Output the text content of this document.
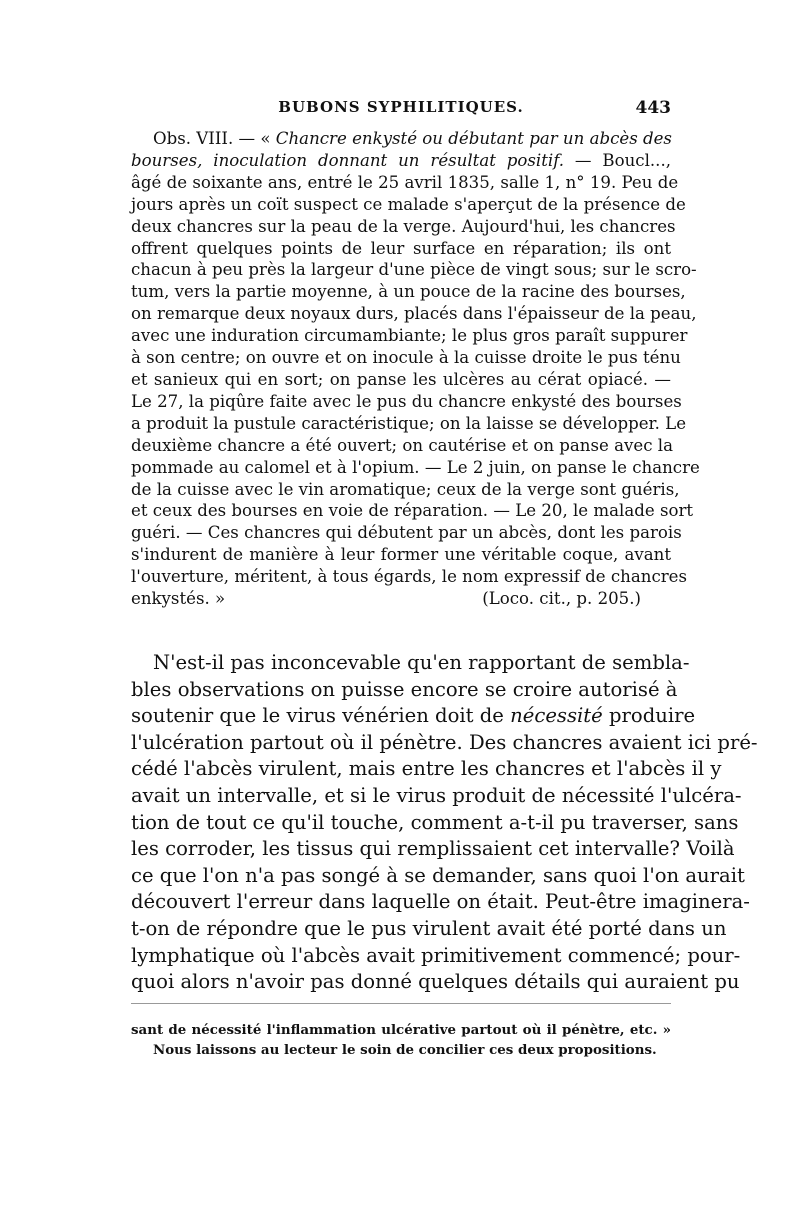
BUBONS SYPHILITIQUES.	443
Obs. VIII. — « Chancre enkysté ou débutant par un abcès des
bourses, inoculation donnant un résultat positif. — Boucl...,
âgé de soixante ans, entré le 25 avril 1835, salle 1, n° 19. Peu de
jours après un coït suspect ce malade s'aperçut de la présence de
deux chancres sur la peau de la verge. Aujourd'hui, les chancres
offrent quelques points de leur surface en réparation; ils ont
chacun à peu près la largeur d'une pièce de vingt sous; sur le scro-
tum, vers la partie moyenne, à un pouce de la racine des bourses,
on remarque deux noyaux durs, placés dans l'épaisseur de la peau,
avec une induration circumambiante; le plus gros paraît suppurer
à son centre; on ouvre et on inocule à la cuisse droite le pus ténu
et sanieux qui en sort; on panse les ulcères au cérat opiacé. —
Le 27, la piqûre faite avec le pus du chancre enkysté des bourses
a produit la pustule caractéristique; on la laisse se développer. Le
deuxième chancre a été ouvert; on cautérise et on panse avec la
pommade au calomel et à l'opium. — Le 2 juin, on panse le chancre
de la cuisse avec le vin aromatique; ceux de la verge sont guéris,
et ceux des bourses en voie de réparation. — Le 20, le malade sort
guéri. — Ces chancres qui débutent par un abcès, dont les parois
s'indurent de manière à leur former une véritable coque, avant
l'ouverture, méritent, à tous égards, le nom expressif de chancres
enkystés. »	(Loco. cit., p. 205.)
N'est-il pas inconcevable qu'en rapportant de sembla-
bles observations on puisse encore se croire autorisé à
soutenir que le virus vénérien doit de nécessité produire
l'ulcération partout où il pénètre. Des chancres avaient ici pré-
cédé l'abcès virulent, mais entre les chancres et l'abcès il y
avait un intervalle, et si le virus produit de nécessité l'ulcéra-
tion de tout ce qu'il touche, comment a-t-il pu traverser, sans
les corroder, les tissus qui remplissaient cet intervalle? Voilà
ce que l'on n'a pas songé à se demander, sans quoi l'on aurait
découvert l'erreur dans laquelle on était. Peut-être imaginera-
t-on de répondre que le pus virulent avait été porté dans un
lymphatique où l'abcès avait primitivement commencé; pour-
quoi alors n'avoir pas donné quelques détails qui auraient pu
sant de nécessité l'inflammation ulcérative partout où il pénètre, etc. »
Nous laissons au lecteur le soin de concilier ces deux propositions.
